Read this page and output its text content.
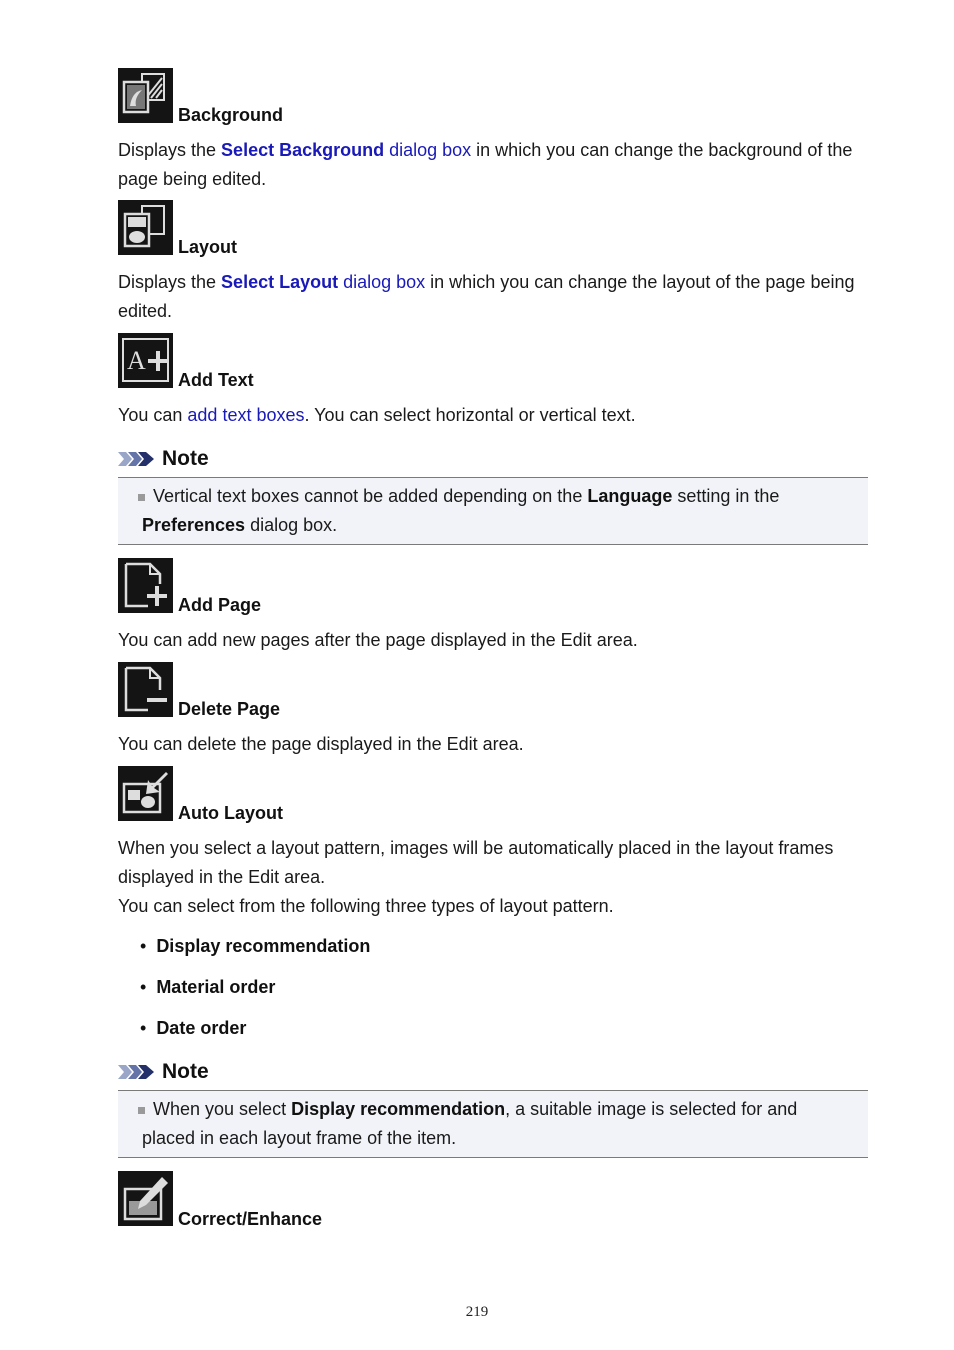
Background
Displays the Select Background dialog box in which you can change the background of the page being edited.
Layout
Displays the Select Layout dialog box in which you can change the layout of the page being edited.
A
Add Text
You can add text boxes. You can select horizontal or vertical text.
Note
Vertical text boxes cannot be added depending on the Language setting in the Preferences dialog box.
Add Page
You can add new pages after the page displayed in the Edit area.
Delete Page
You can delete the page displayed in the Edit area.
Auto Layout
When you select a layout pattern, images will be automatically placed in the layout frames displayed in the Edit area.
You can select from the following three types of layout pattern.
• Display recommendation
• Material order
• Date order
Note
When you select Display recommendation, a suitable image is selected for and placed in each layout frame of the item.
Correct/Enhance
219
